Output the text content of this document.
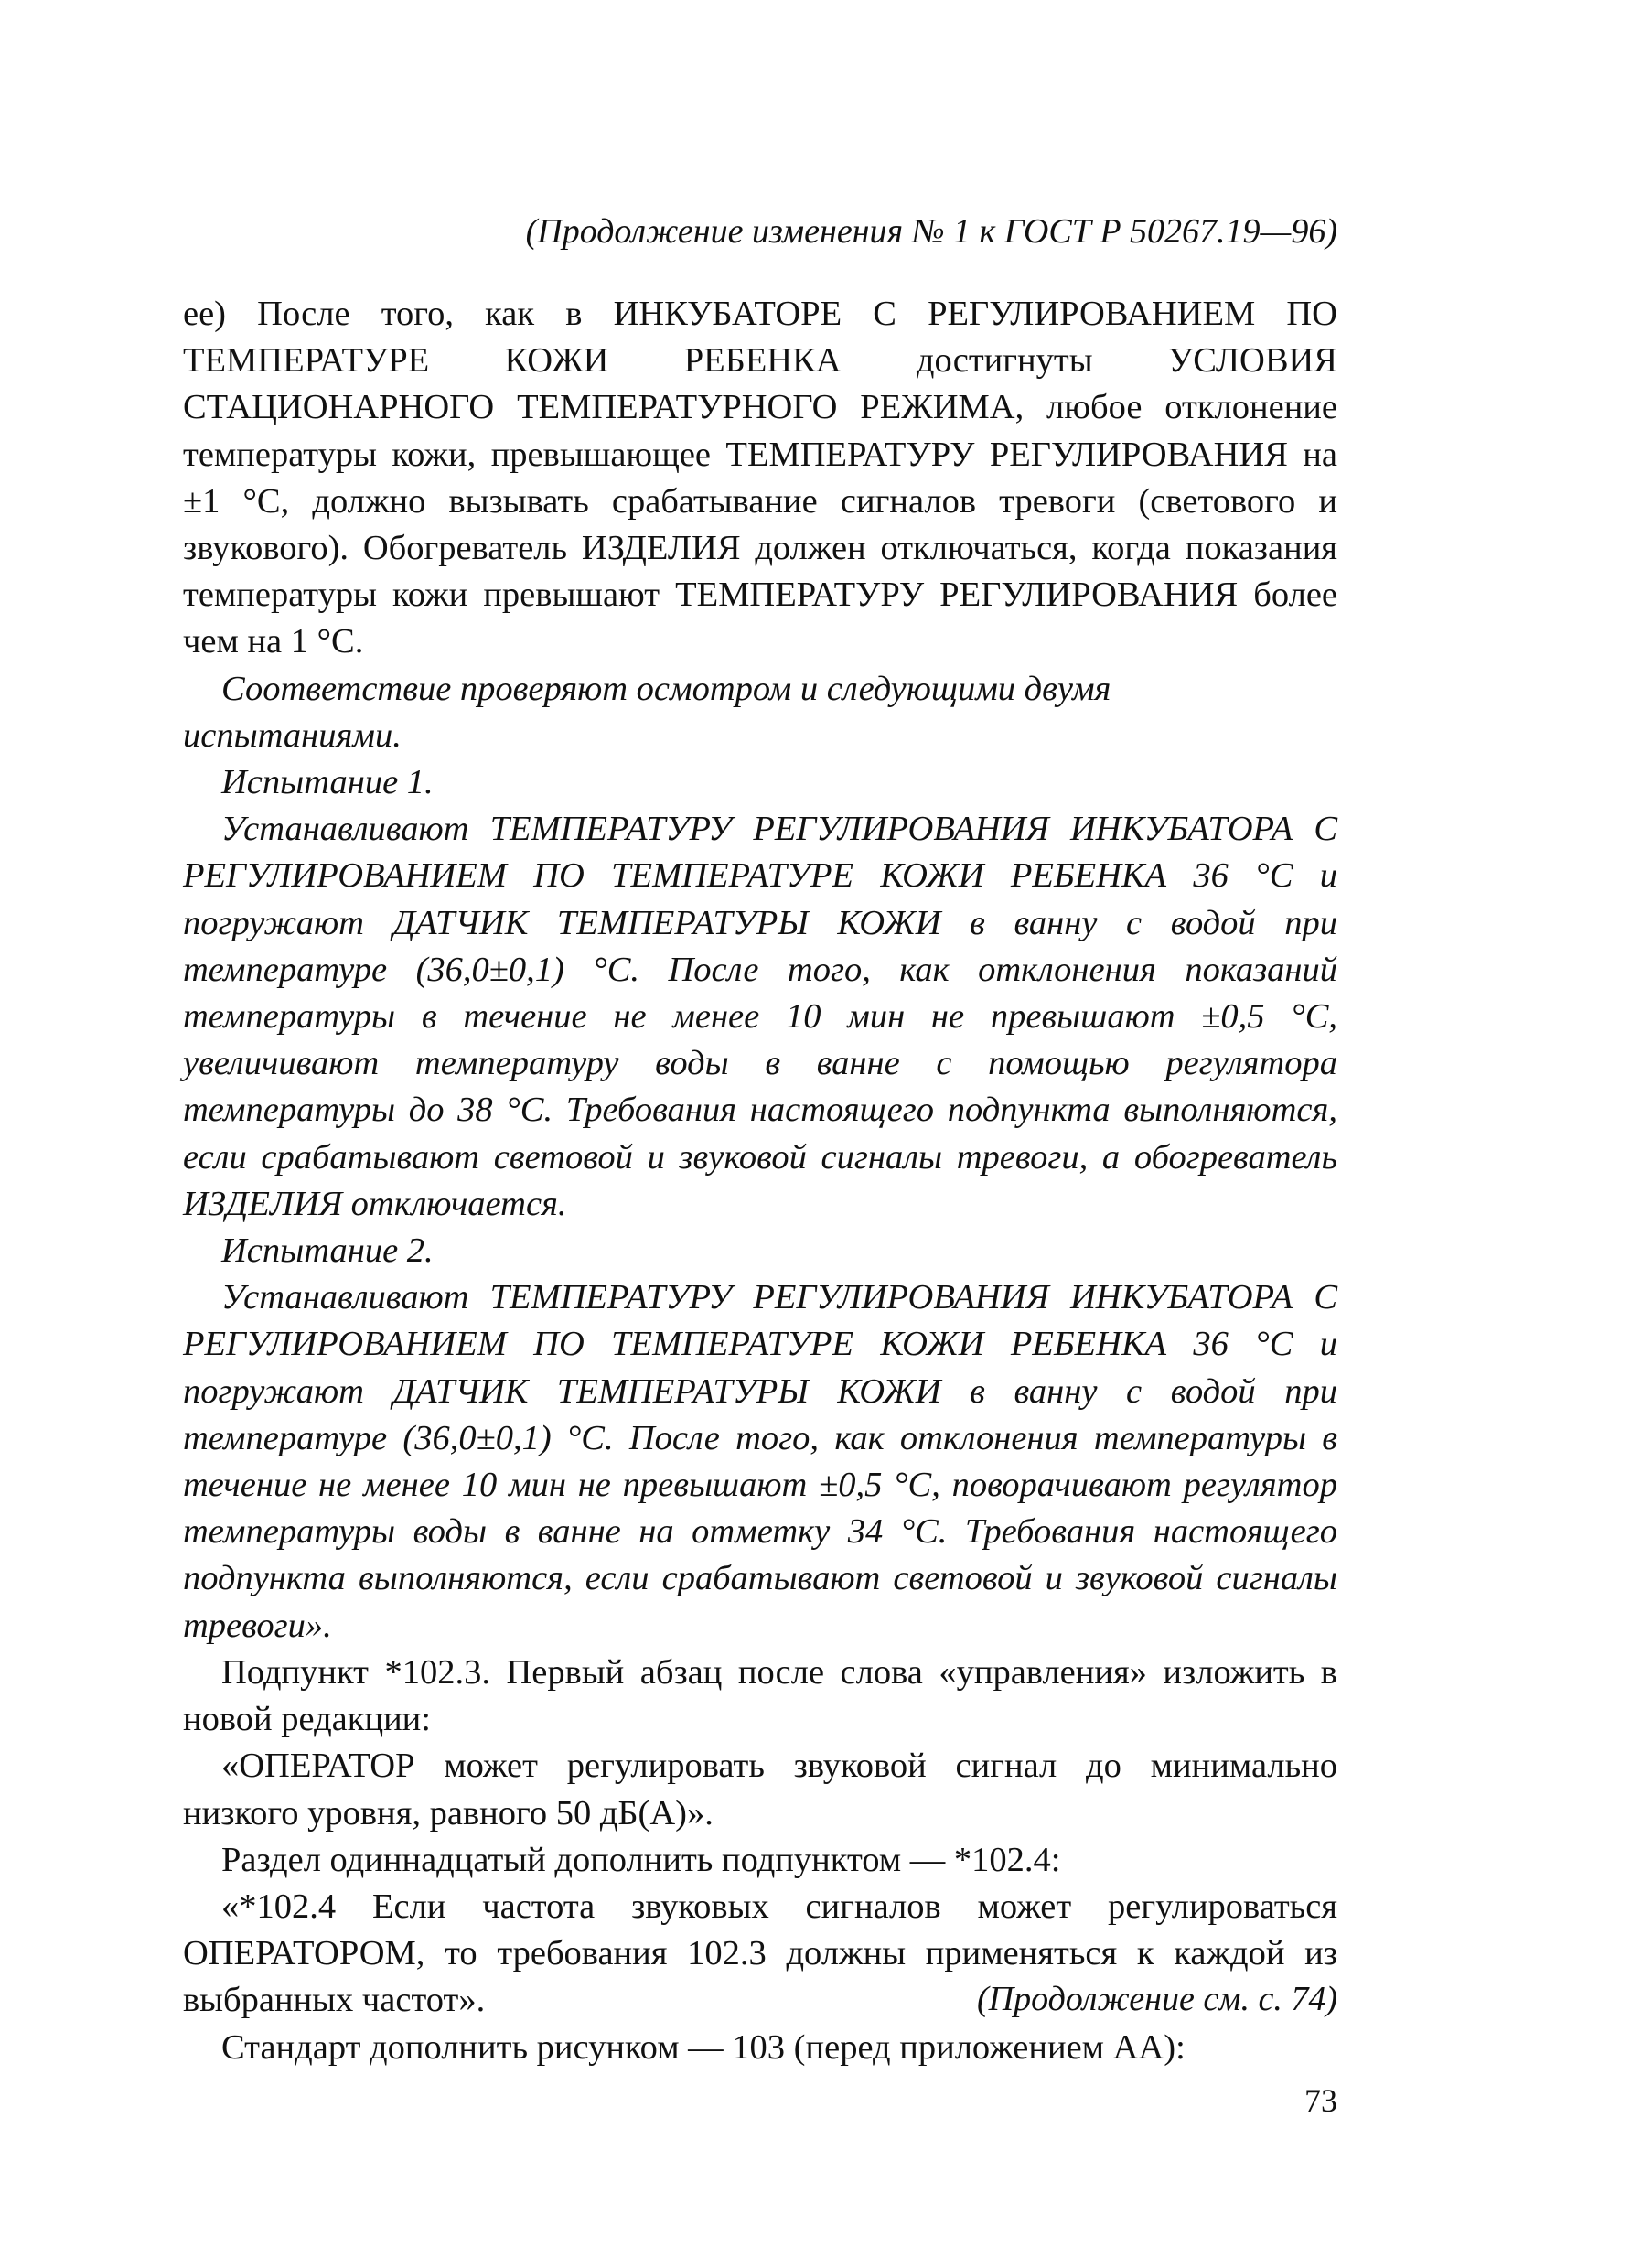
(Продолжение изменения № 1 к ГОСТ Р 50267.19—96)

ее) После того, как в ИНКУБАТОРЕ С РЕГУЛИРОВАНИЕМ ПО ТЕМПЕРАТУРЕ КОЖИ РЕБЕНКА достигнуты УСЛОВИЯ СТАЦИОНАРНОГО ТЕМПЕРАТУРНОГО РЕЖИМА, любое отклонение температуры кожи, превышающее ТЕМПЕРАТУРУ РЕГУЛИРОВАНИЯ на ±1 °С, должно вызывать срабатывание сигналов тревоги (светового и звукового). Обогреватель ИЗДЕЛИЯ должен отключаться, когда показания температуры кожи превышают ТЕМПЕРАТУРУ РЕГУЛИРОВАНИЯ более чем на 1 °С.

Соответствие проверяют осмотром и следующими двумя испытаниями.

Испытание 1.

Устанавливают ТЕМПЕРАТУРУ РЕГУЛИРОВАНИЯ ИНКУБАТОРА С РЕГУЛИРОВАНИЕМ ПО ТЕМПЕРАТУРЕ КОЖИ РЕБЕНКА 36 °С и погружают ДАТЧИК ТЕМПЕРАТУРЫ КОЖИ в ванну с водой при температуре (36,0±0,1) °С. После того, как отклонения показаний температуры в течение не менее 10 мин не превышают ±0,5 °С, увеличивают температуру воды в ванне с помощью регулятора температуры до 38 °С. Требования настоящего подпункта выполняются, если срабатывают световой и звуковой сигналы тревоги, а обогреватель ИЗДЕЛИЯ отключается.

Испытание 2.

Устанавливают ТЕМПЕРАТУРУ РЕГУЛИРОВАНИЯ ИНКУБАТОРА С РЕГУЛИРОВАНИЕМ ПО ТЕМПЕРАТУРЕ КОЖИ РЕБЕНКА 36 °С и погружают ДАТЧИК ТЕМПЕРАТУРЫ КОЖИ в ванну с водой при температуре (36,0±0,1) °С. После того, как отклонения температуры в течение не менее 10 мин не превышают ±0,5 °С, поворачивают регулятор температуры воды в ванне на отметку 34 °С. Требования настоящего подпункта выполняются, если срабатывают световой и звуковой сигналы тревоги».

Подпункт *102.3. Первый абзац после слова «управления» изложить в новой редакции:

«ОПЕРАТОР может регулировать звуковой сигнал до минимально низкого уровня, равного 50 дБ(А)».

Раздел одиннадцатый дополнить подпунктом — *102.4:

«*102.4 Если частота звуковых сигналов может регулироваться ОПЕРАТОРОМ, то требования 102.3 должны применяться к каждой из выбранных частот».

Стандарт дополнить рисунком — 103 (перед приложением АА):

(Продолжение см. с. 74)
73
